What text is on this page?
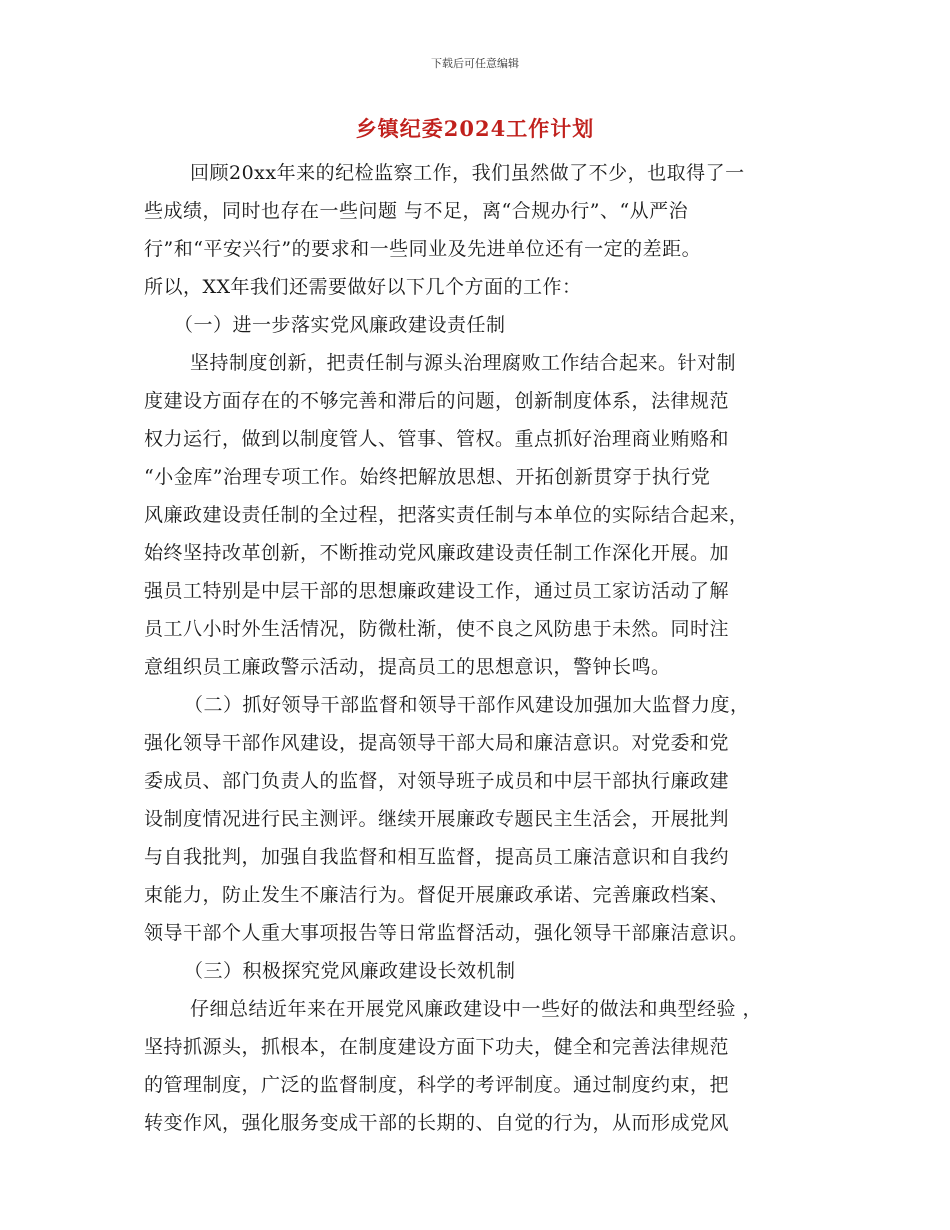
下载后可任意编辑
乡镇纪委2024工作计划
回顾20xx年来的纪检监察工作，我们虽然做了不少，也取得了一
些成绩，同时也存在一些问题 与不足，离“合规办行”、“从严治
行”和“平安兴行”的要求和一些同业及先进单位还有一定的差距。
所以，XX年我们还需要做好以下几个方面的工作：
（一）进一步落实党风廉政建设责任制
坚持制度创新，把责任制与源头治理腐败工作结合起来。针对制
度建设方面存在的不够完善和滞后的问题，创新制度体系，法律规范
权力运行，做到以制度管人、管事、管权。重点抓好治理商业贿赂和
“小金库”治理专项工作。始终把解放思想、开拓创新贯穿于执行党
风廉政建设责任制的全过程，把落实责任制与本单位的实际结合起来，
始终坚持改革创新，不断推动党风廉政建设责任制工作深化开展。加
强员工特别是中层干部的思想廉政建设工作，通过员工家访活动了解
员工八小时外生活情况，防微杜渐，使不良之风防患于未然。同时注
意组织员工廉政警示活动，提高员工的思想意识，警钟长鸣。
（二）抓好领导干部监督和领导干部作风建设加强加大监督力度，
强化领导干部作风建设，提高领导干部大局和廉洁意识。对党委和党
委成员、部门负责人的监督，对领导班子成员和中层干部执行廉政建
设制度情况进行民主测评。继续开展廉政专题民主生活会，开展批判
与自我批判，加强自我监督和相互监督，提高员工廉洁意识和自我约
束能力，防止发生不廉洁行为。督促开展廉政承诺、完善廉政档案、
领导干部个人重大事项报告等日常监督活动，强化领导干部廉洁意识。
（三）积极探究党风廉政建设长效机制
仔细总结近年来在开展党风廉政建设中一些好的做法和典型经验 ，
坚持抓源头，抓根本，在制度建设方面下功夫，健全和完善法律规范
的管理制度，广泛的监督制度，科学的考评制度。通过制度约束，把
转变作风，强化服务变成干部的长期的、自觉的行为，从而形成党风
